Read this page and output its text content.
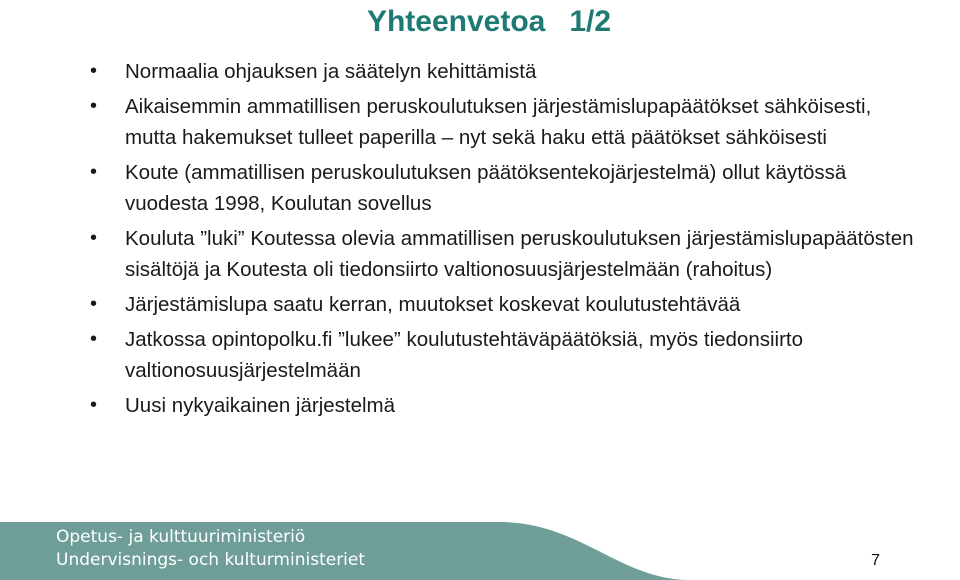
Yhteenvetoa 1/2
• Normaalia ohjauksen ja säätelyn kehittämistä
• Aikaisemmin ammatillisen peruskoulutuksen järjestämislupapäätökset sähköisesti, mutta hakemukset tulleet paperilla – nyt sekä haku että päätökset sähköisesti
• Koute (ammatillisen peruskoulutuksen päätöksentekojärjestelmä) ollut käytössä vuodesta 1998, Koulutan sovellus
• Kouluta ”luki” Koutessa olevia ammatillisen peruskoulutuksen järjestämislupapäätösten sisältöjä ja Koutesta oli tiedonsiirto valtionosuusjärjestelmään (rahoitus)
• Järjestämislupa saatu kerran, muutokset koskevat koulutustehtävää
• Jatkossa opintopolku.fi ”lukee” koulutustehtäväpäätöksiä, myös tiedonsiirto valtionosuusjärjestelmään
• Uusi nykyaikainen järjestelmä
Opetus- ja kulttuuriministeriö
Undervisnings- och kulturministeriet	7
